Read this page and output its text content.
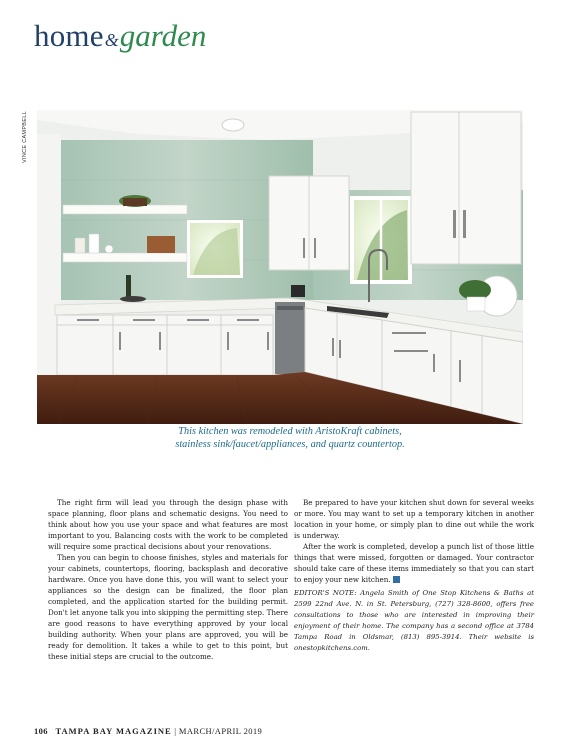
home&garden
VINCE CAMPBELL
This kitchen was remodeled with AristoKraft cabinets,
stainless sink/faucet/appliances, and quartz countertop.

The right firm will lead you through the design phase with space planning, floor plans and schematic designs. You need to think about how you use your space and what features are most important to you. Balancing costs with the work to be completed will require some practical decisions about your renovations.

Then you can begin to choose finishes, styles and materials for your cabinets, countertops, flooring, backsplash and decorative hardware. Once you have done this, you will want to select your appliances so the design can be finalized, the floor plan completed, and the application started for the building permit. Don't let anyone talk you into skipping the permitting step. There are good reasons to have everything approved by your local building authority. When your plans are approved, you will be ready for demolition. It takes a while to get to this point, but these initial steps are crucial to the outcome.

Be prepared to have your kitchen shut down for several weeks or more. You may want to set up a temporary kitchen in another location in your home, or simply plan to dine out while the work is underway.

After the work is completed, develop a punch list of those little things that were missed, forgotten or damaged. Your contractor should take care of these items immediately so that you can start to enjoy your new kitchen.

EDITOR'S NOTE: Angela Smith of One Stop Kitchens & Baths at 2599 22nd Ave. N. in St. Petersburg, (727) 328-8600, offers free consultations to those who are interested in improving their enjoyment of their home. The company has a second office at 3784 Tampa Road in Oldsmar, (813) 895-3914. Their website is onestopkitchens.com.

106 TAMPA BAY MAGAZINE | MARCH/APRIL 2019
